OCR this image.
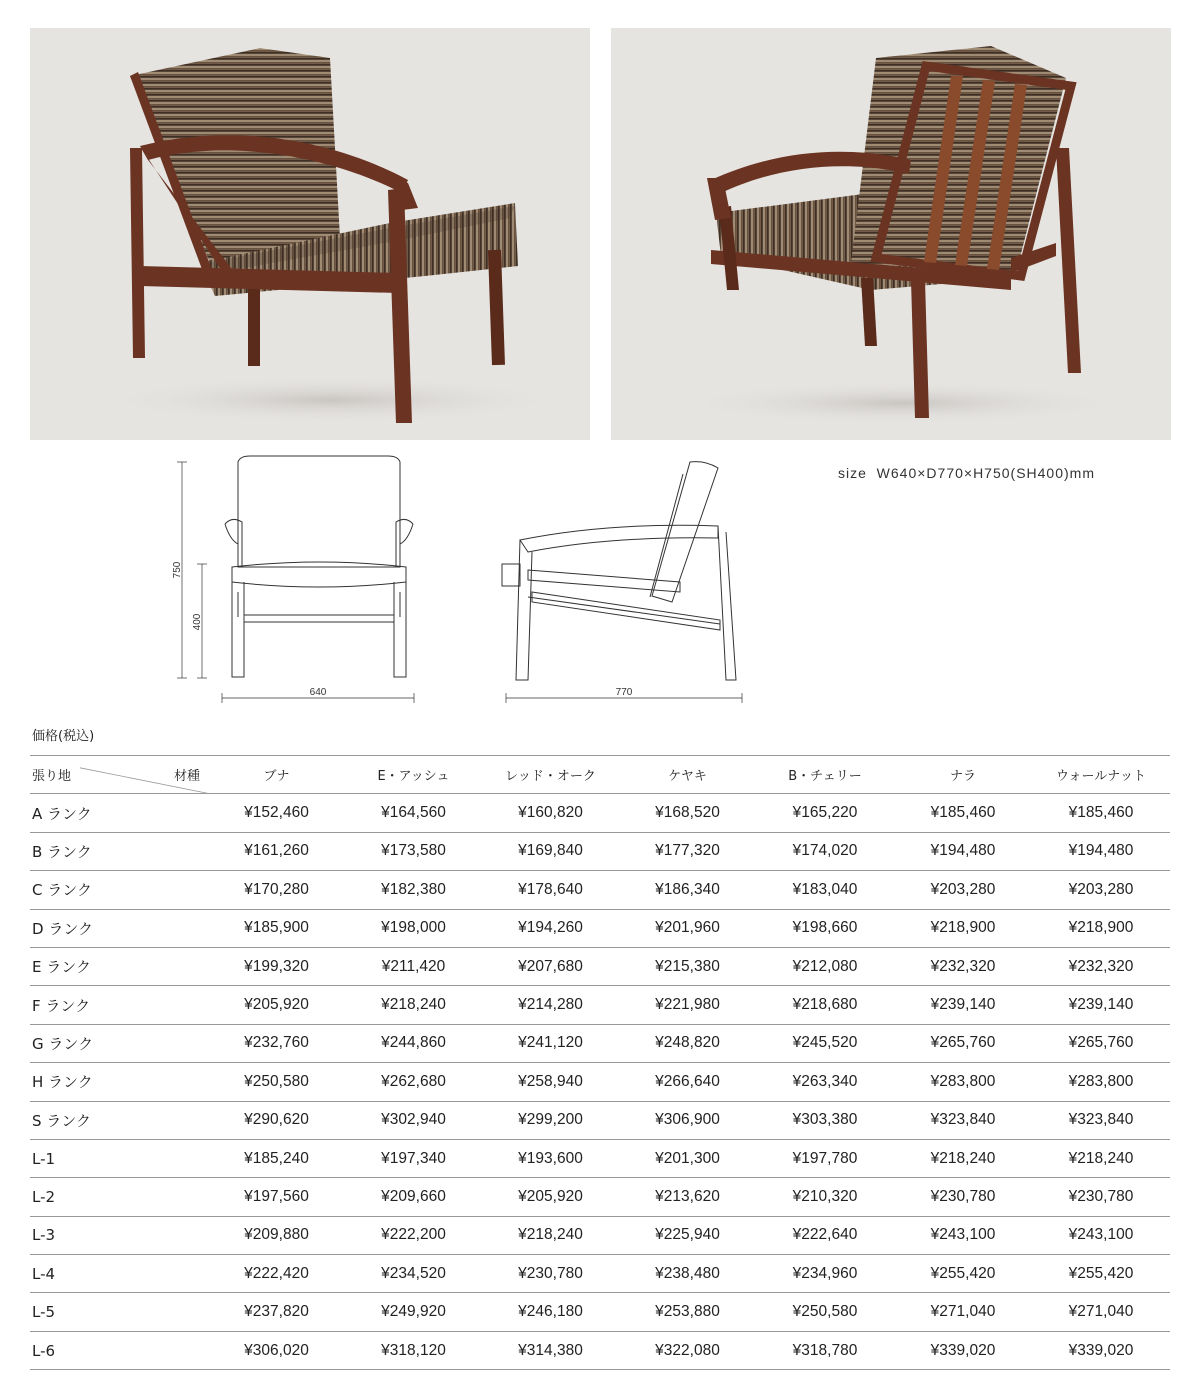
750
400
640	770
size  W640×D770×H750(SH400)mm
価格(税込)
張り地 材種	ブナ	E・アッシュ	レッド・オーク	ケヤキ	B・チェリー	ナラ	ウォールナット
A ランク	¥152,460	¥164,560	¥160,820	¥168,520	¥165,220	¥185,460	¥185,460
B ランク	¥161,260	¥173,580	¥169,840	¥177,320	¥174,020	¥194,480	¥194,480
C ランク	¥170,280	¥182,380	¥178,640	¥186,340	¥183,040	¥203,280	¥203,280
D ランク	¥185,900	¥198,000	¥194,260	¥201,960	¥198,660	¥218,900	¥218,900
E ランク	¥199,320	¥211,420	¥207,680	¥215,380	¥212,080	¥232,320	¥232,320
F ランク	¥205,920	¥218,240	¥214,280	¥221,980	¥218,680	¥239,140	¥239,140
G ランク	¥232,760	¥244,860	¥241,120	¥248,820	¥245,520	¥265,760	¥265,760
H ランク	¥250,580	¥262,680	¥258,940	¥266,640	¥263,340	¥283,800	¥283,800
S ランク	¥290,620	¥302,940	¥299,200	¥306,900	¥303,380	¥323,840	¥323,840
L-1	¥185,240	¥197,340	¥193,600	¥201,300	¥197,780	¥218,240	¥218,240
L-2	¥197,560	¥209,660	¥205,920	¥213,620	¥210,320	¥230,780	¥230,780
L-3	¥209,880	¥222,200	¥218,240	¥225,940	¥222,640	¥243,100	¥243,100
L-4	¥222,420	¥234,520	¥230,780	¥238,480	¥234,960	¥255,420	¥255,420
L-5	¥237,820	¥249,920	¥246,180	¥253,880	¥250,580	¥271,040	¥271,040
L-6	¥306,020	¥318,120	¥314,380	¥322,080	¥318,780	¥339,020	¥339,020
